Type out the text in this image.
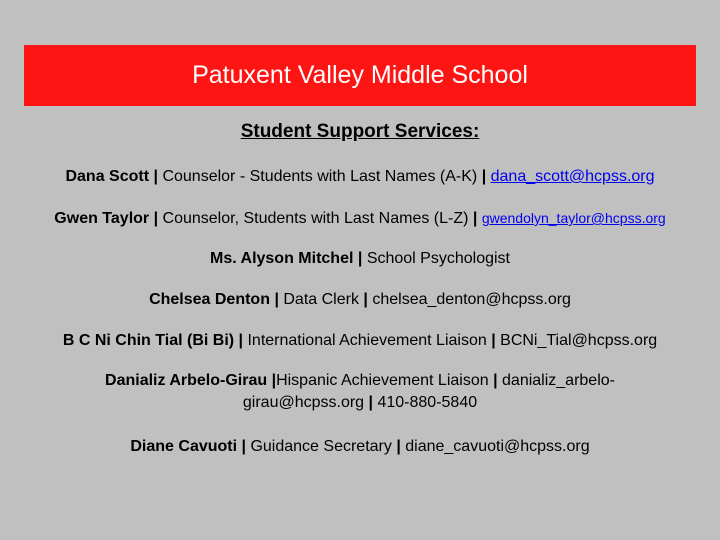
Patuxent Valley Middle School
Student Support Services:
Dana Scott | Counselor - Students with Last Names (A-K) | dana_scott@hcpss.org
Gwen Taylor | Counselor, Students with Last Names (L-Z) | gwendolyn_taylor@hcpss.org
Ms. Alyson Mitchel | School Psychologist
Chelsea Denton | Data Clerk | chelsea_denton@hcpss.org
B C Ni Chin Tial (Bi Bi) | International Achievement Liaison | BCNi_Tial@hcpss.org
Danializ Arbelo-Girau |Hispanic Achievement Liaison | danializ_arbelo-
girau@hcpss.org | 410-880-5840
Diane Cavuoti | Guidance Secretary | diane_cavuoti@hcpss.org
